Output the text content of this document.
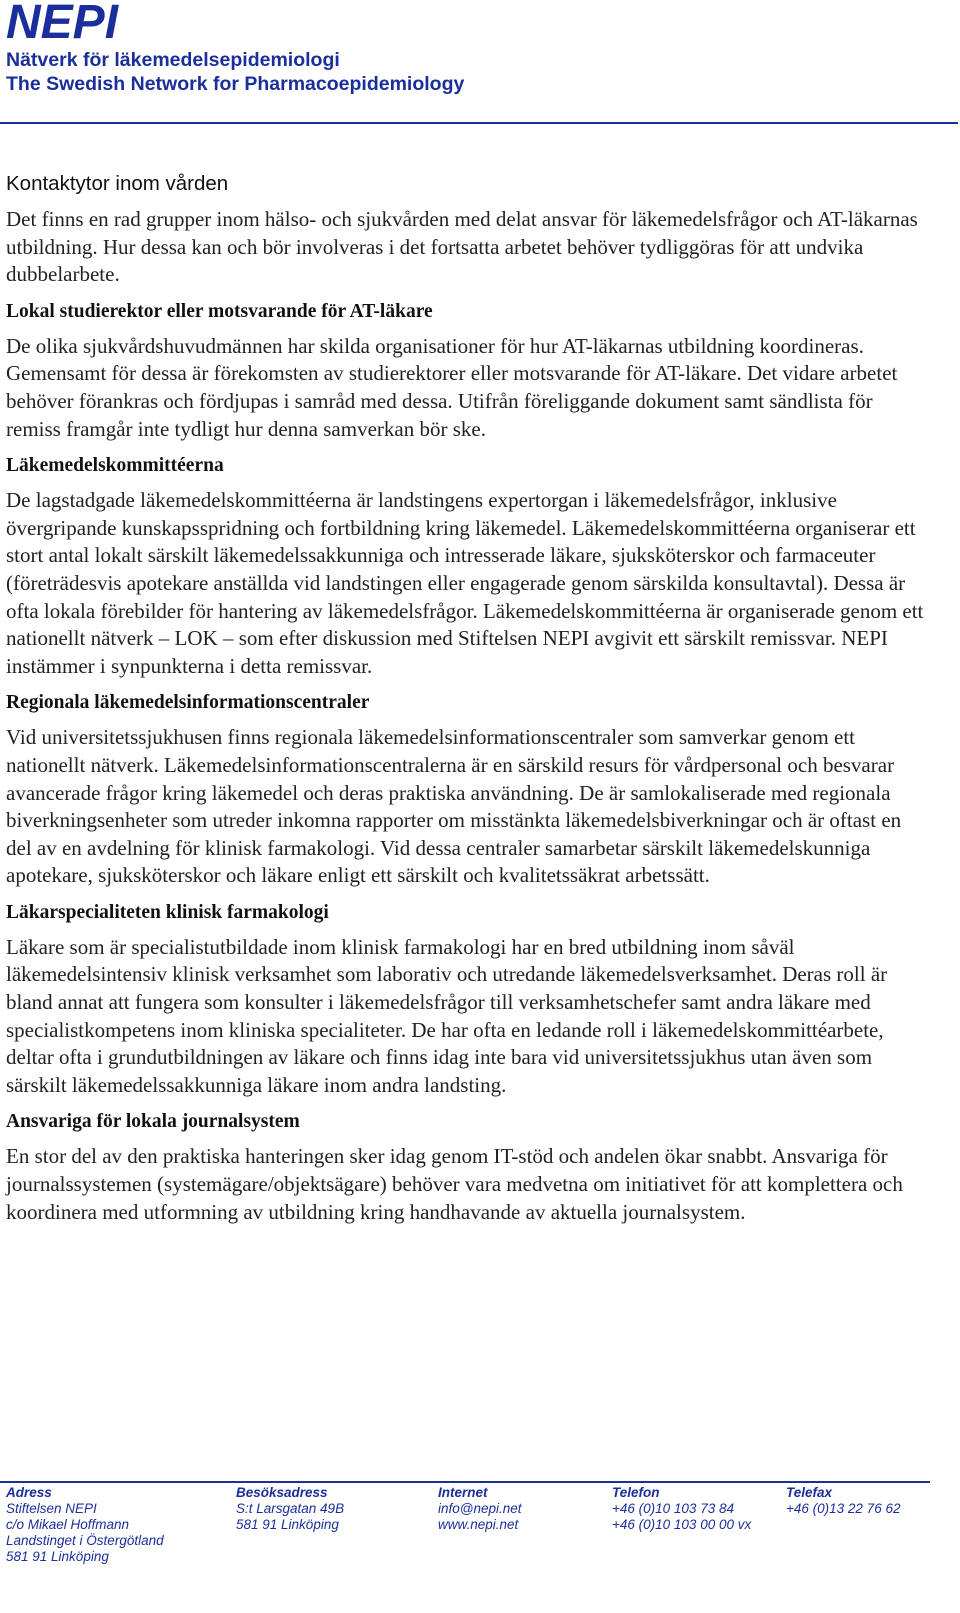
NEPI
Nätverk för läkemedelsepidemiologi
The Swedish Network for Pharmacoepidemiology
Kontaktytor inom vården

Det finns en rad grupper inom hälso- och sjukvården med delat ansvar för läkemedelsfrågor och AT-läkarnas utbildning. Hur dessa kan och bör involveras i det fortsatta arbetet behöver tydliggöras för att undvika dubbelarbete.

Lokal studierektor eller motsvarande för AT-läkare

De olika sjukvårdshuvudmännen har skilda organisationer för hur AT-läkarnas utbildning koordineras. Gemensamt för dessa är förekomsten av studierektorer eller motsvarande för AT-läkare. Det vidare arbetet behöver förankras och fördjupas i samråd med dessa. Utifrån föreliggande dokument samt sändlista för remiss framgår inte tydligt hur denna samverkan bör ske.

Läkemedelskommittéerna

De lagstadgade läkemedelskommittéerna är landstingens expertorgan i läkemedelsfrågor, inklusive övergripande kunskapsspridning och fortbildning kring läkemedel. Läkemedelskommittéerna organiserar ett stort antal lokalt särskilt läkemedelssakkunniga och intresserade läkare, sjuksköterskor och farmaceuter (företrädesvis apotekare anställda vid landstingen eller engagerade genom särskilda konsultavtal). Dessa är ofta lokala förebilder för hantering av läkemedelsfrågor. Läkemedelskommittéerna är organiserade genom ett nationellt nätverk – LOK – som efter diskussion med Stiftelsen NEPI avgivit ett särskilt remissvar. NEPI instämmer i synpunkterna i detta remissvar.

Regionala läkemedelsinformationscentraler

Vid universitetssjukhusen finns regionala läkemedelsinformationscentraler som samverkar genom ett nationellt nätverk. Läkemedelsinformationscentralerna är en särskild resurs för vårdpersonal och besvarar avancerade frågor kring läkemedel och deras praktiska användning. De är samlokaliserade med regionala biverkningsenheter som utreder inkomna rapporter om misstänkta läkemedelsbiverkningar och är oftast en del av en avdelning för klinisk farmakologi. Vid dessa centraler samarbetar särskilt läkemedelskunniga apotekare, sjuksköterskor och läkare enligt ett särskilt och kvalitetssäkrat arbetssätt.

Läkarspecialiteten klinisk farmakologi

Läkare som är specialistutbildade inom klinisk farmakologi har en bred utbildning inom såväl läkemedelsintensiv klinisk verksamhet som laborativ och utredande läkemedelsverksamhet. Deras roll är bland annat att fungera som konsulter i läkemedelsfrågor till verksamhetschefer samt andra läkare med specialistkompetens inom kliniska specialiteter. De har ofta en ledande roll i läkemedelskommittéarbete, deltar ofta i grundutbildningen av läkare och finns idag inte bara vid universitetssjukhus utan även som särskilt läkemedelssakkunniga läkare inom andra landsting.

Ansvariga för lokala journalsystem

En stor del av den praktiska hanteringen sker idag genom IT-stöd och andelen ökar snabbt. Ansvariga för journalssystemen (systemägare/objektsägare) behöver vara medvetna om initiativet för att komplettera och koordinera med utformning av utbildning kring handhavande av aktuella journalsystem.

Adress
Stiftelsen NEPI
c/o Mikael Hoffmann
Landstinget i Östergötland
581 91 Linköping
Besöksadress
S:t Larsgatan 49B
581 91 Linköping
Internet
info@nepi.net
www.nepi.net
Telefon
+46 (0)10 103 73 84
+46 (0)10 103 00 00 vx
Telefax
+46 (0)13 22 76 62
